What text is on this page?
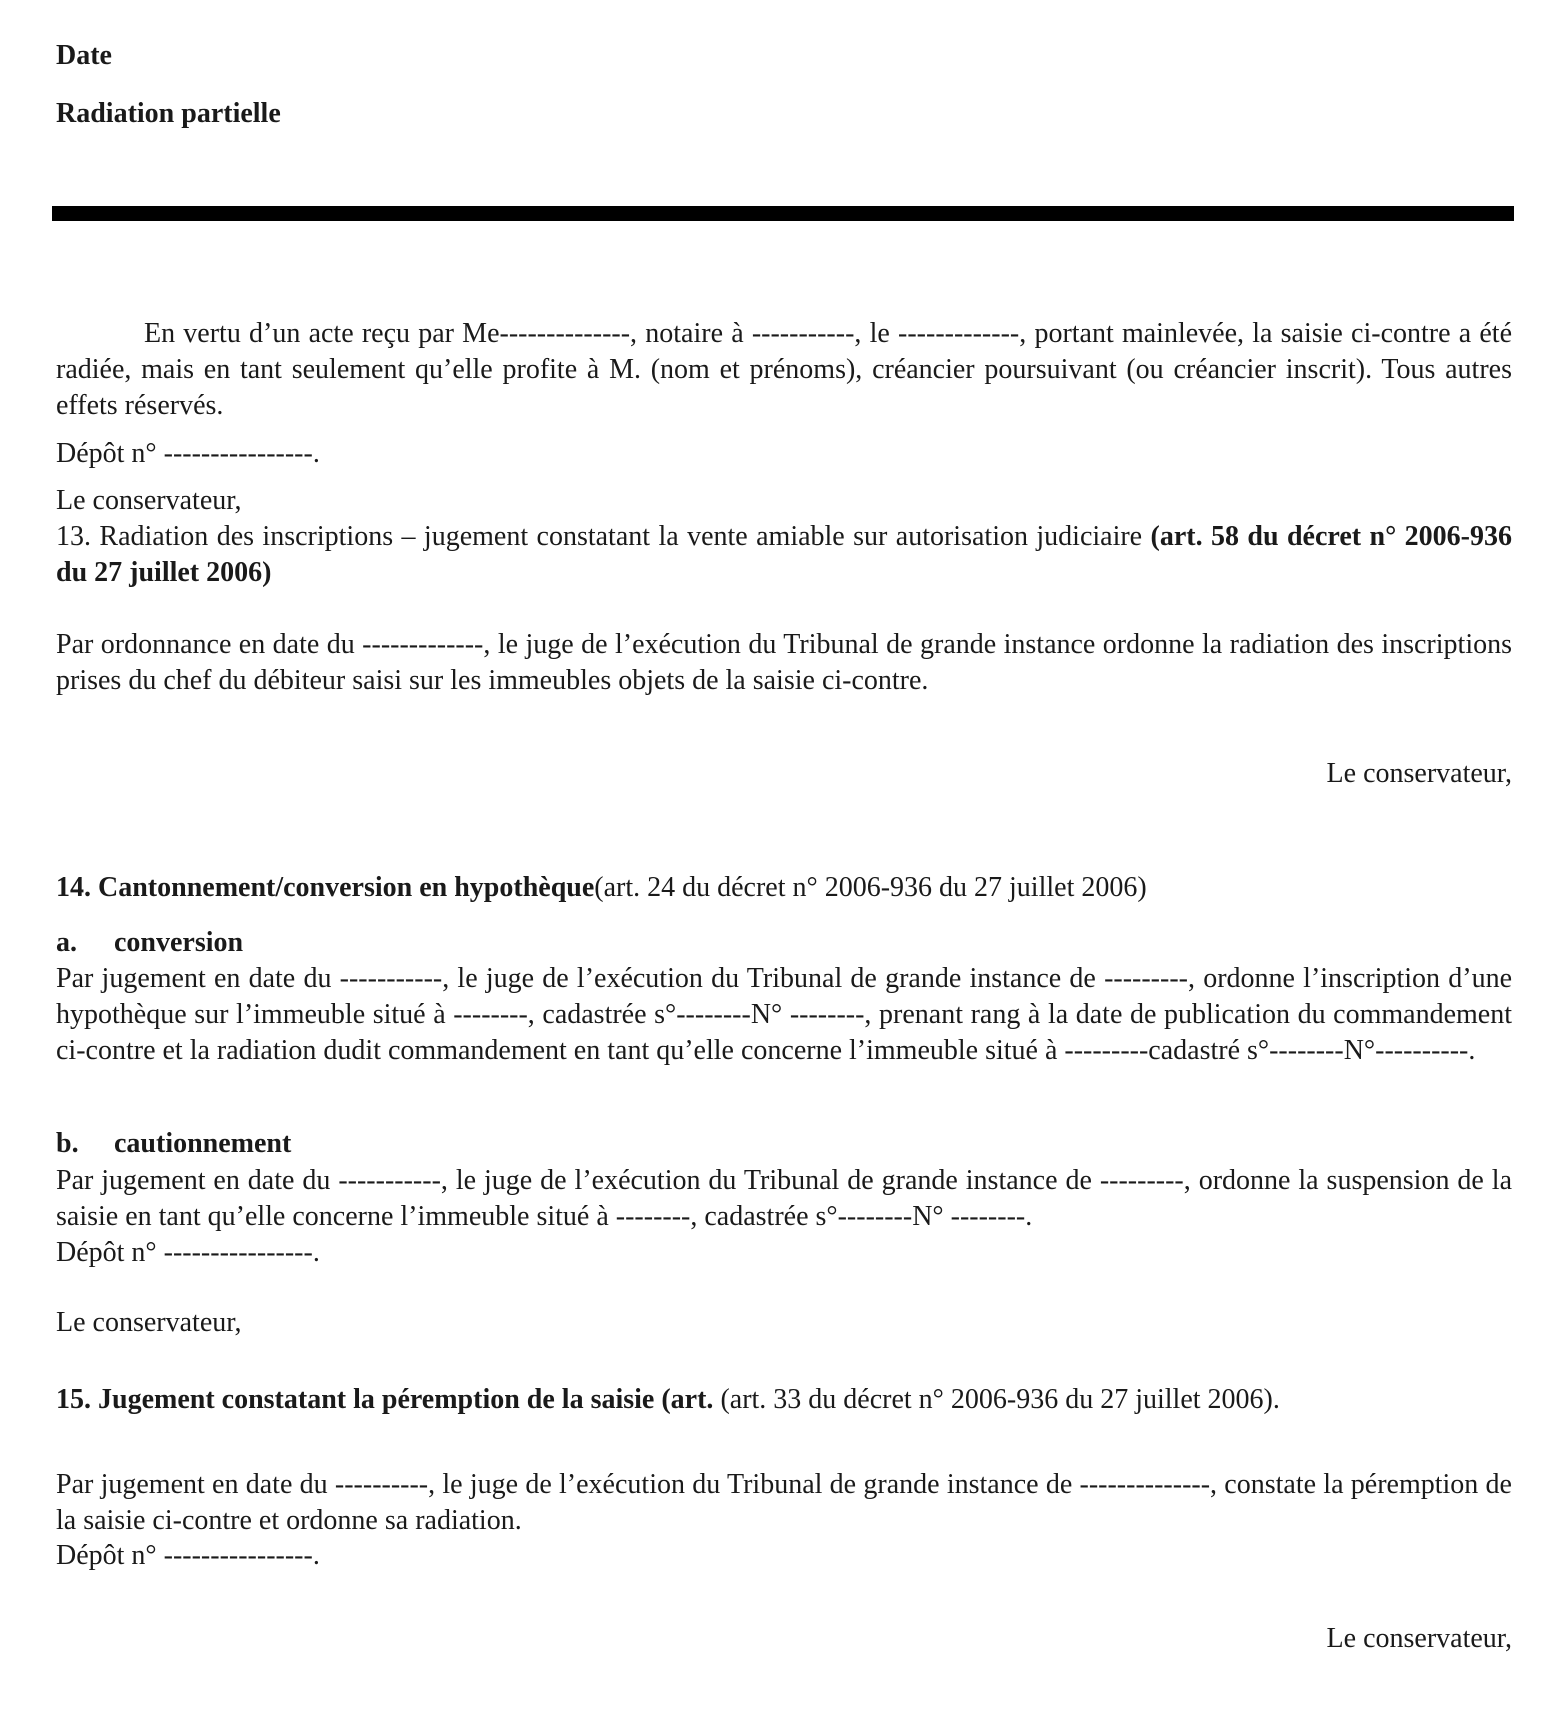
Date
Radiation partielle
En vertu d’un acte reçu par Me--------------, notaire à -----------, le -------------, portant mainlevée, la saisie ci-contre a été radiée, mais en tant seulement qu’elle profite à M. (nom et prénoms), créancier poursuivant (ou créancier inscrit). Tous autres effets réservés.
Dépôt n° ----------------.
Le conservateur,
13. Radiation des inscriptions – jugement constatant la vente amiable sur autorisation judiciaire (art. 58 du décret n° 2006-936 du 27 juillet 2006)
Par ordonnance en date du -------------, le juge de l’exécution du Tribunal de grande instance ordonne la radiation des inscriptions prises du chef du débiteur saisi sur les immeubles objets de la saisie ci-contre.
Le conservateur,
14. Cantonnement/conversion en hypothèque(art. 24 du décret n° 2006-936 du 27 juillet 2006)
a. conversion
Par jugement en date du -----------, le juge de l’exécution du Tribunal de grande instance de ---------, ordonne l’inscription d’une hypothèque sur l’immeuble situé à --------, cadastrée s°--------N° --------, prenant rang à la date de publication du commandement ci-contre et la radiation dudit commandement en tant qu’elle concerne l’immeuble situé à ---------cadastré s°--------N°----------.
b. cautionnement
Par jugement en date du -----------, le juge de l’exécution du Tribunal de grande instance de ---------, ordonne la suspension de la saisie en tant qu’elle concerne l’immeuble situé à --------, cadastrée s°--------N° --------.
Dépôt n° ----------------.
Le conservateur,
15. Jugement constatant la péremption de la saisie (art. (art. 33 du décret n° 2006-936 du 27 juillet 2006).
Par jugement en date du ----------, le juge de l’exécution du Tribunal de grande instance de --------------, constate la péremption de la saisie ci-contre et ordonne sa radiation.
Dépôt n° ----------------.
Le conservateur,
